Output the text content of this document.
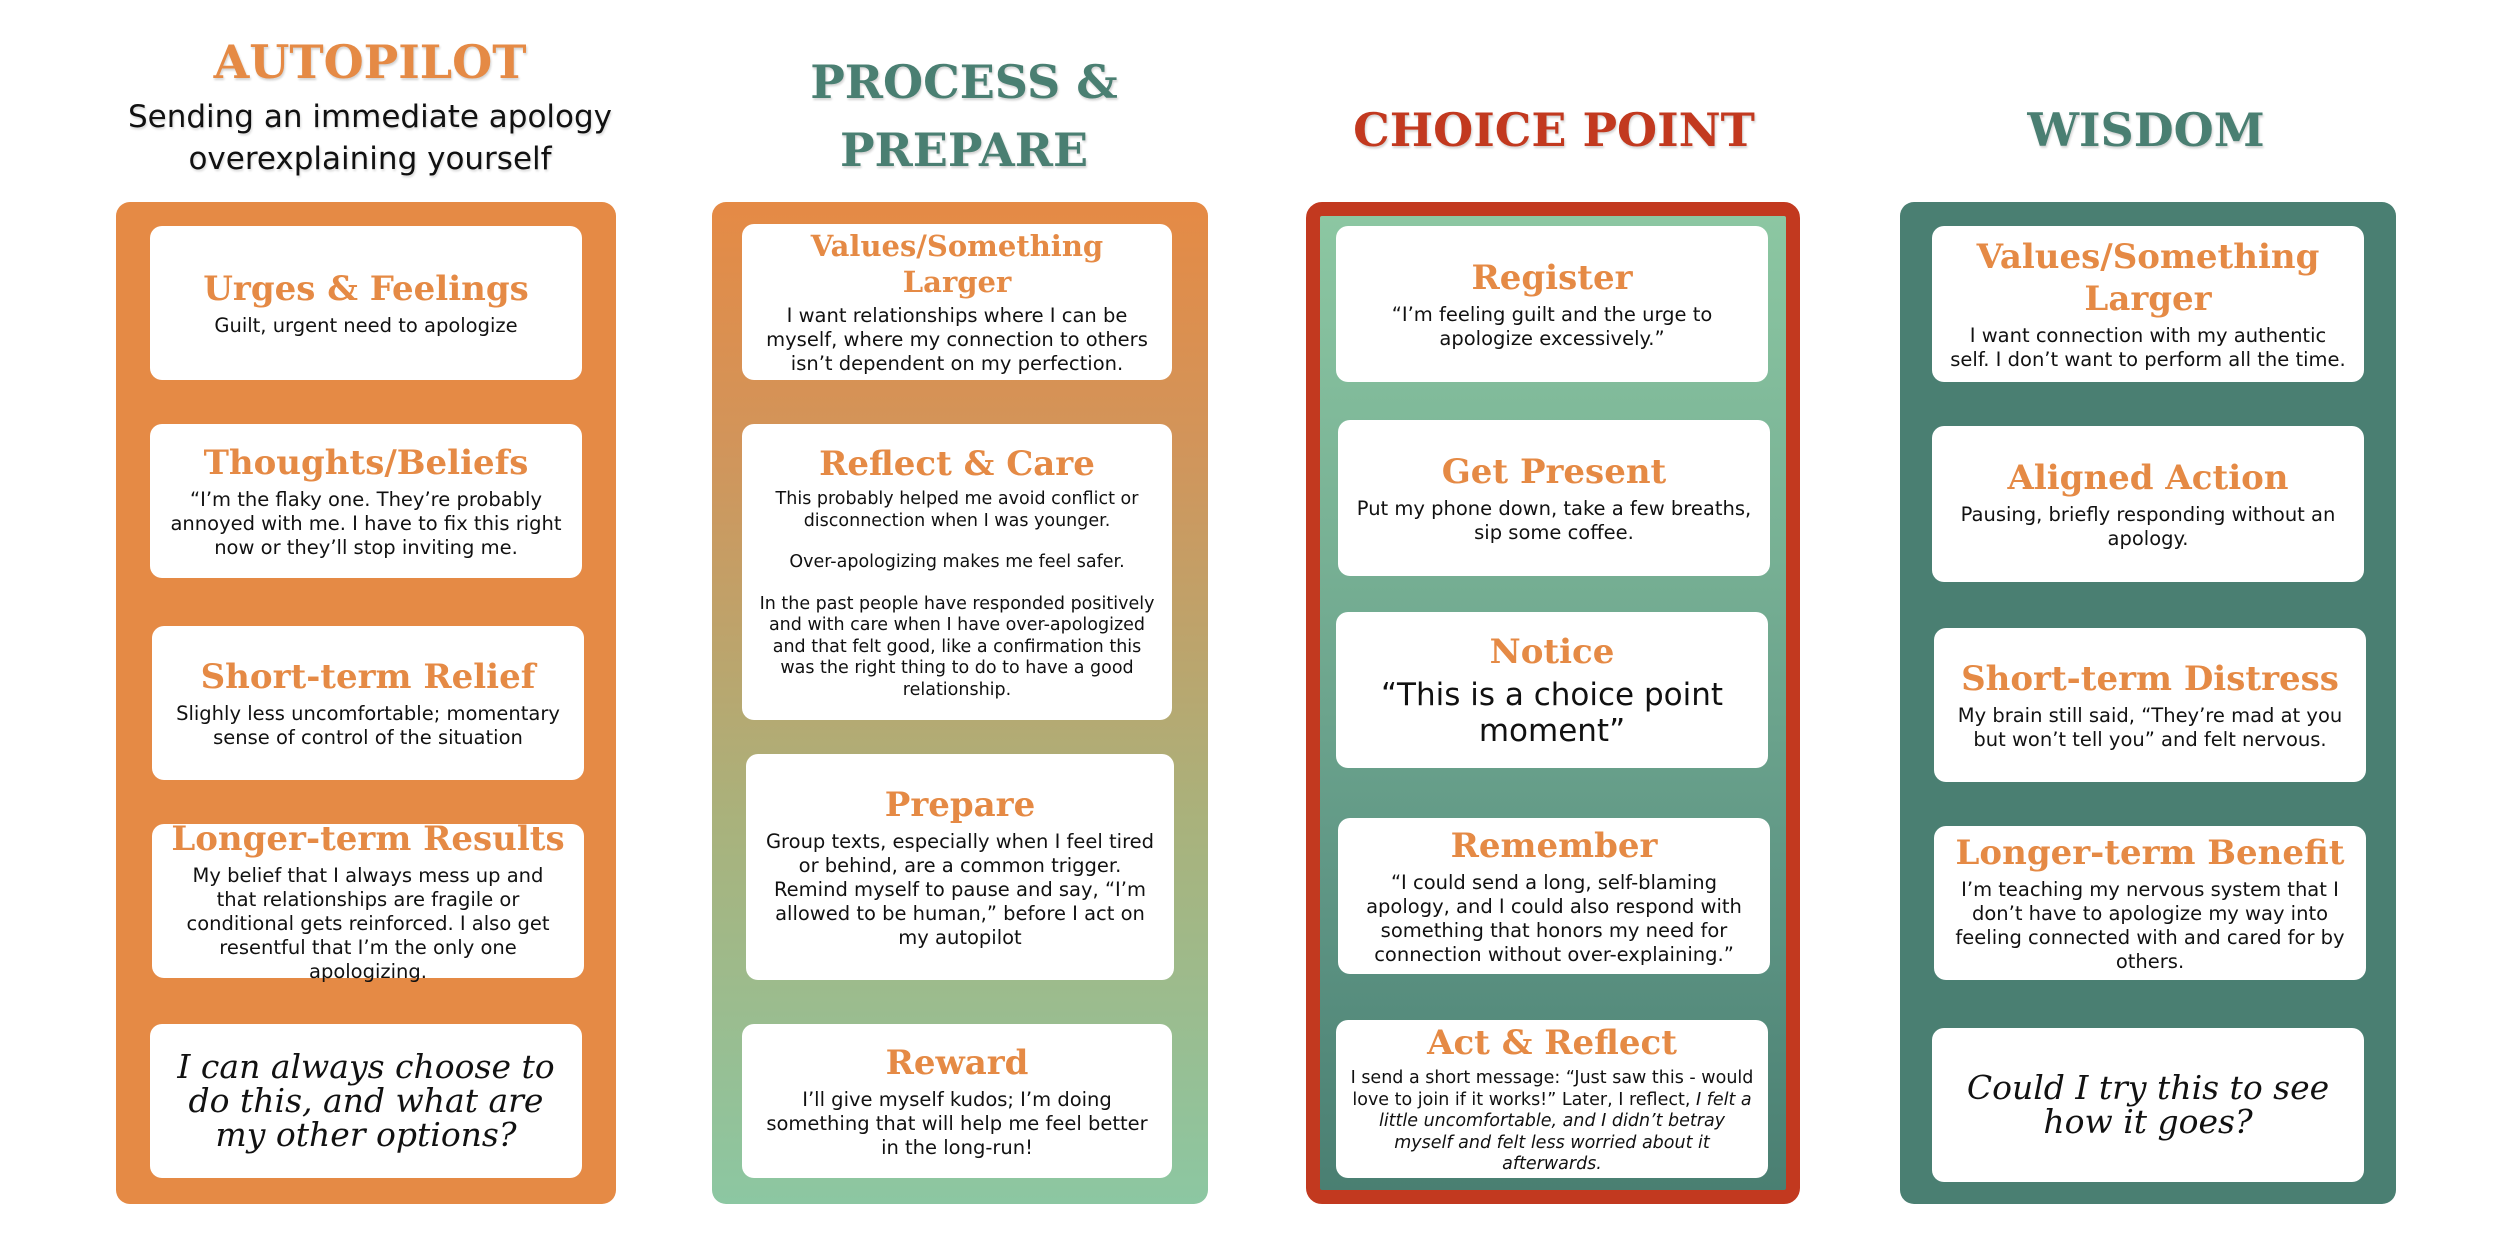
AUTOPILOT
Sending an immediate apology
overexplaining yourself
Urges & Feelings
Guilt, urgent need to apologize
Thoughts/Beliefs
“I’m the flaky one. They’re probably annoyed with me. I have to fix this right now or they’ll stop inviting me.
Short-term Relief
Slighly less uncomfortable; momentary sense of control of the situation
Longer-term Results
My belief that I always mess up and that relationships are fragile or conditional gets reinforced. I also get resentful that I’m the only one apologizing.
I can always choose to do this, and what are my other options?
PROCESS &
PREPARE
Values/Something Larger
I want relationships where I can be myself, where my connection to others isn’t dependent on my perfection.
Reflect & Care
This probably helped me avoid conflict or disconnection when I was younger.
Over-apologizing makes me feel safer.
In the past people have responded positively and with care when I have over-apologized and that felt good, like a confirmation this was the right thing to do to have a good relationship.
Prepare
Group texts, especially when I feel tired or behind, are a common trigger. Remind myself to pause and say, “I’m allowed to be human,” before I act on my autopilot
Reward
I’ll give myself kudos; I’m doing something that will help me feel better in the long-run!
CHOICE POINT
Register
“I’m feeling guilt and the urge to apologize excessively.”
Get Present
Put my phone down, take a few breaths, sip some coffee.
Notice
“This is a choice point moment”
Remember
“I could send a long, self-blaming apology, and I could also respond with something that honors my need for connection without over-explaining.”
Act & Reflect
I send a short message: “Just saw this - would love to join if it works!” Later, I reflect, I felt a little uncomfortable, and I didn’t betray myself and felt less worried about it afterwards.
WISDOM
Values/Something Larger
I want connection with my authentic self. I don’t want to perform all the time.
Aligned Action
Pausing, briefly responding without an apology.
Short-term Distress
My brain still said, “They’re mad at you but won’t tell you” and felt nervous.
Longer-term Benefit
I’m teaching my nervous system that I don’t have to apologize my way into feeling connected with and cared for by others.
Could I try this to see how it goes?
